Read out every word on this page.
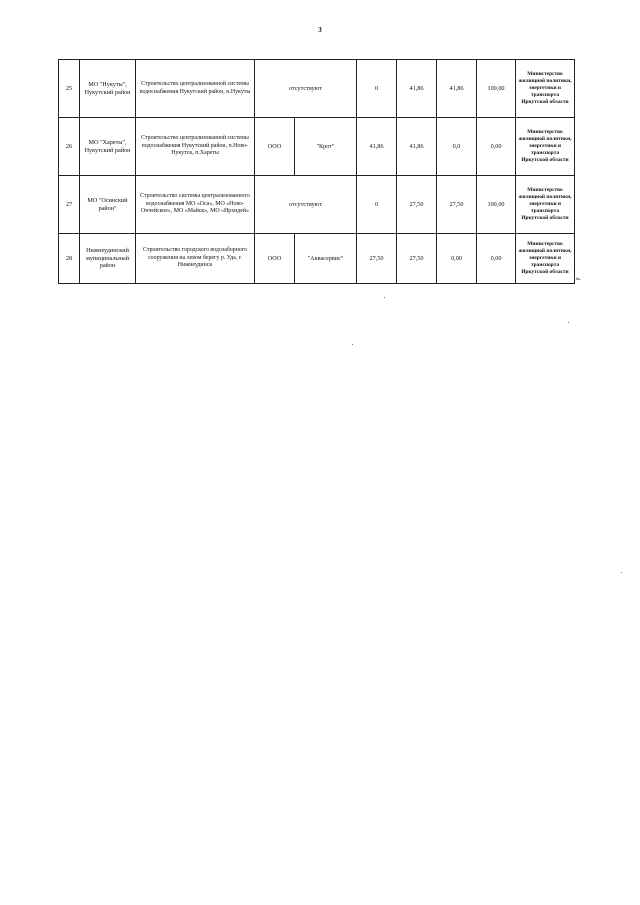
3
25	МО "Нукуты", Нукутский район	Строительство централизованной системы водоснабжения Нукутский район, п.Нукуты	отсутствуют		0	41,86	41,86	100,00	Министерство жилищной политики, энергетики и транспорта Иркутской области
26	МО "Хареты", Нукутский район	Строительство централизованной системы водоснабжения Нукутский район, п.Ново-Нукутск, п.Хареты	ООО	"Крот"	41,86	41,86	0,0	0,00	Министерство жилищной политики, энергетики и транспорта Иркутской области
27	МО "Осинский район"	Строительство системы централизованного водоснабжения МО «Оса», МО «Ново-Ончейское», МО «Майск», МО «Ирхидей»	отсутствуют		0	27,50	27,50	100,00	Министерство жилищной политики, энергетики и транспорта Иркутской области
28	Нижнеудинский муниципальный район	Строительство городского водозаборного сооружения на левом берегу р. Уда, г. Нижнеудинск	ООО	"Аквасервис"	27,50	27,50	0,00	0,00	Министерство жилищной политики, энергетики и транспорта Иркутской области
».
